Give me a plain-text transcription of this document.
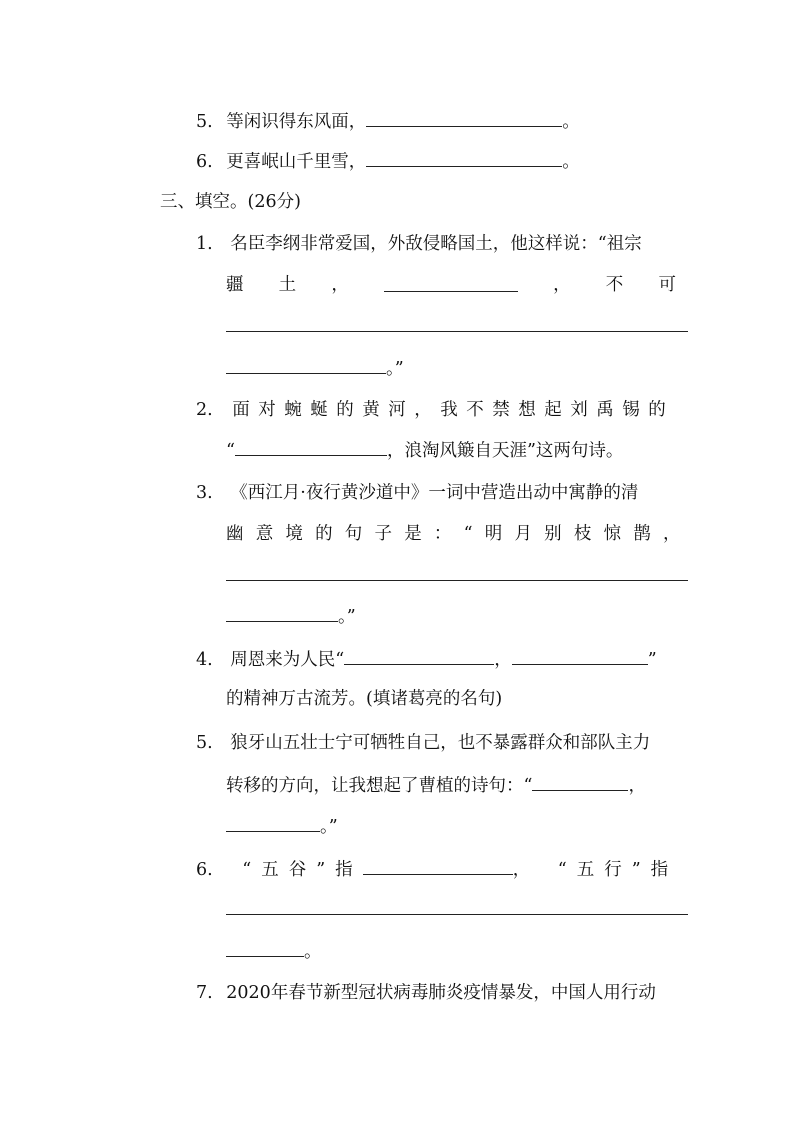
5. 等闲识得东风面，	。
6. 更喜岷山千里雪，	。
三、填空。(26分)
1. 名臣李纲非常爱国，外敌侵略国土，他这样说：“祖宗
疆 土 ，	， 不 可
。”
2. 面对蜿蜒的黄河，我不禁想起刘禹锡的
“	，浪淘风簸自天涯”这两句诗。
3. 《西江月·夜行黄沙道中》一词中营造出动中寓静的清
幽意境的句子是：“明月别枝惊鹊，
。”
4. 周恩来为人民“	，	”
的精神万古流芳。(填诸葛亮的名句)
5. 狼牙山五壮士宁可牺牲自己，也不暴露群众和部队主力
转移的方向，让我想起了曹植的诗句：“	，
。”
6. “五谷”指	， “五行”指
。
7. 2020年春节新型冠状病毒肺炎疫情暴发，中国人用行动
